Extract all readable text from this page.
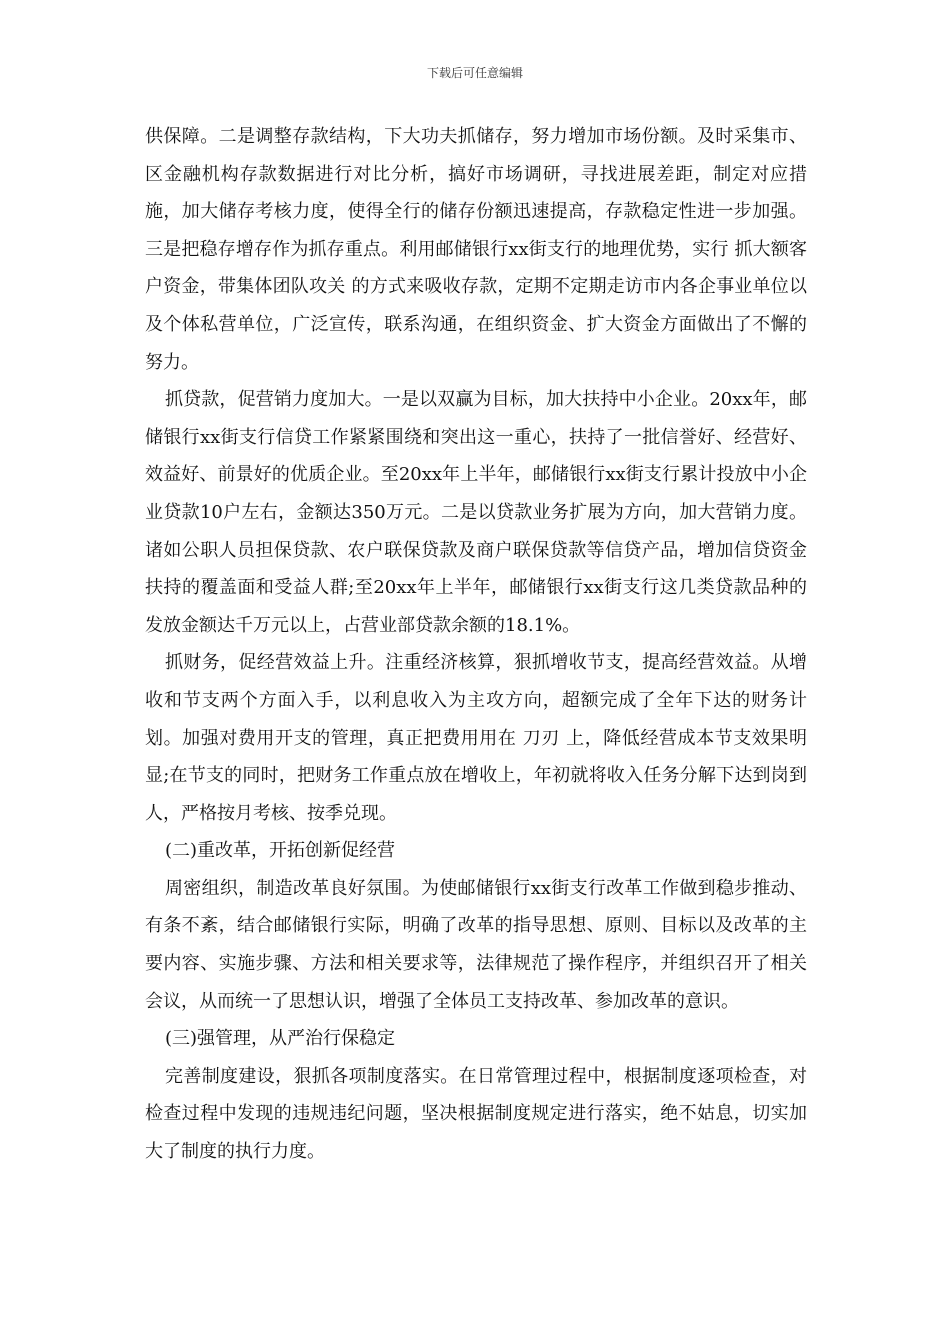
下载后可任意编辑

供保障。二是调整存款结构，下大功夫抓储存，努力增加市场份额。及时采集市、区金融机构存款数据进行对比分析，搞好市场调研，寻找进展差距，制定对应措施，加大储存考核力度，使得全行的储存份额迅速提高，存款稳定性进一步加强。三是把稳存增存作为抓存重点。利用邮储银行xx街支行的地理优势，实行 抓大额客户资金，带集体团队攻关 的方式来吸收存款，定期不定期走访市内各企事业单位以及个体私营单位，广泛宣传，联系沟通，在组织资金、扩大资金方面做出了不懈的努力。

抓贷款，促营销力度加大。一是以双赢为目标，加大扶持中小企业。20xx年，邮储银行xx街支行信贷工作紧紧围绕和突出这一重心，扶持了一批信誉好、经营好、效益好、前景好的优质企业。至20xx年上半年，邮储银行xx街支行累计投放中小企业贷款10户左右，金额达350万元。二是以贷款业务扩展为方向，加大营销力度。诸如公职人员担保贷款、农户联保贷款及商户联保贷款等信贷产品，增加信贷资金扶持的覆盖面和受益人群;至20xx年上半年，邮储银行xx街支行这几类贷款品种的发放金额达千万元以上，占营业部贷款余额的18.1%。

抓财务，促经营效益上升。注重经济核算，狠抓增收节支，提高经营效益。从增收和节支两个方面入手，以利息收入为主攻方向，超额完成了全年下达的财务计划。加强对费用开支的管理，真正把费用用在 刀刃 上，降低经营成本节支效果明显;在节支的同时，把财务工作重点放在增收上，年初就将收入任务分解下达到岗到人，严格按月考核、按季兑现。

(二)重改革，开拓创新促经营

周密组织，制造改革良好氛围。为使邮储银行xx街支行改革工作做到稳步推动、有条不紊，结合邮储银行实际，明确了改革的指导思想、原则、目标以及改革的主要内容、实施步骤、方法和相关要求等，法律规范了操作程序，并组织召开了相关会议，从而统一了思想认识，增强了全体员工支持改革、参加改革的意识。

(三)强管理，从严治行保稳定

完善制度建设，狠抓各项制度落实。在日常管理过程中，根据制度逐项检查，对检查过程中发现的违规违纪问题，坚决根据制度规定进行落实，绝不姑息，切实加大了制度的执行力度。
